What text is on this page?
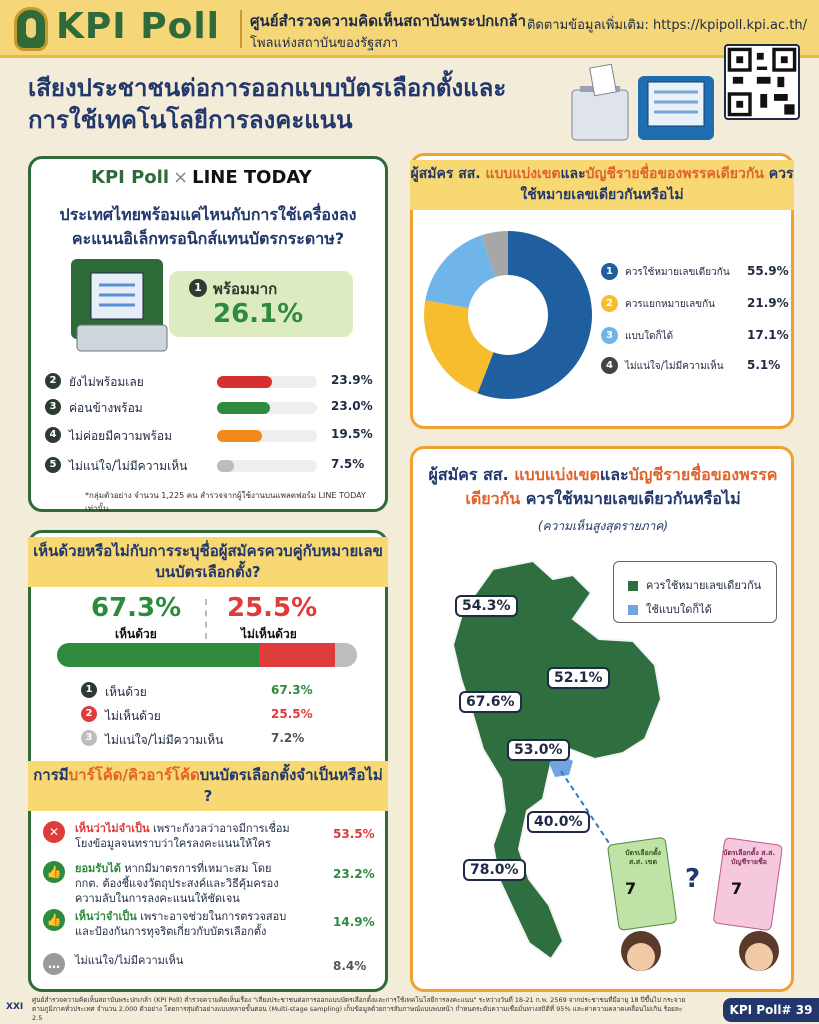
KPI Poll ศูนย์สำรวจความคิดเห็นสถาบันพระปกเกล้า
โพลแห่งสถาบันของรัฐสภา
ติดตามข้อมูลเพิ่มเติม: https://kpipoll.kpi.ac.th/
เสียงประชาชนต่อการออกแบบบัตรเลือกตั้งและ
การใช้เทคโนโลยีการลงคะแนน
KPI Poll × LINE TODAY
ประเทศไทยพร้อมแค่ไหนกับการใช้เครื่องลงคะแนนอิเล็กทรอนิกส์แทนบัตรกระดาษ?
1 พร้อมมาก
26.1%
2	ยังไม่พร้อมเลย	23.9%
3	ค่อนข้างพร้อม	23.0%
4	ไม่ค่อยมีความพร้อม	19.5%
5	ไม่แน่ใจ/ไม่มีความเห็น	7.5%
*กลุ่มตัวอย่าง จำนวน 1,225 คน สำรวจจากผู้ใช้งานบนแพลตฟอร์ม LINE TODAY เท่านั้น
เห็นด้วยหรือไม่กับการระบุชื่อผู้สมัครควบคู่กับหมายเลขบนบัตรเลือกตั้ง?
67.3%
เห็นด้วย
25.5%
ไม่เห็นด้วย
1	เห็นด้วย	67.3%
2	ไม่เห็นด้วย	25.5%
3	ไม่แน่ใจ/ไม่มีความเห็น	7.2%
การมีบาร์โค้ด/คิวอาร์โค้ดบนบัตรเลือกตั้งจำเป็นหรือไม่ ?
✕	เห็นว่าไม่จำเป็น เพราะกังวลว่าอาจมีการเชื่อมโยงข้อมูลจนทราบว่าใครลงคะแนนให้ใคร
53.5%
👍	ยอมรับได้ หากมีมาตรการที่เหมาะสม โดย กกต. ต้องชี้แจงวัตถุประสงค์และวิธีคุ้มครองความลับในการลงคะแนนให้ชัดเจน
23.2%
👍	เห็นว่าจำเป็น เพราะอาจช่วยในการตรวจสอบและป้องกันการทุจริตเกี่ยวกับบัตรเลือกตั้ง
14.9%
…	ไม่แน่ใจ/ไม่มีความเห็น	8.4%
ผู้สมัคร สส. แบบแบ่งเขตและบัญชีรายชื่อของพรรคเดียวกัน ควรใช้หมายเลขเดียวกันหรือไม่
1	ควรใช้หมายเลขเดียวกัน 55.9%
2	ควรแยกหมายเลขกัน	21.9%
3	แบบใดก็ได้	17.1%
4	ไม่แน่ใจ/ไม่มีความเห็น 5.1%
ผู้สมัคร สส. แบบแบ่งเขตและบัญชีรายชื่อของพรรคเดียวกัน ควรใช้หมายเลขเดียวกันหรือไม่
(ความเห็นสูงสุดรายภาค)
ควรใช้หมายเลขเดียวกัน
ใช้แบบใดก็ได้
54.3%
52.1%
67.6%
53.0%
40.0%
78.0%	?
บัตรเลือกตั้ง ส.ส. เขต
บัตรเลือกตั้ง ส.ส. บัญชีรายชื่อ
7	7
XXI
ศูนย์สำรวจความคิดเห็นสถาบันพระปกเกล้า (KPI Poll) สำรวจความคิดเห็นเรื่อง "เสียงประชาชนต่อการออกแบบบัตรเลือกตั้งและการใช้เทคโนโลยีการลงคะแนน" ระหว่างวันที่ 18-21 ก.พ. 2569 จากประชาชนที่มีอายุ 18 ปีขึ้นไป กระจายตามภูมิภาคทั่วประเทศ จำนวน 2,000 ตัวอย่าง โดยการสุ่มตัวอย่างแบบหลายขั้นตอน (Multi-stage sampling) เก็บข้อมูลด้วยการสัมภาษณ์แบบพบหน้า กำหนดระดับความเชื่อมั่นทางสถิติที่ 95% และค่าความคลาดเคลื่อนไม่เกิน ร้อยละ 2.5
KPI Poll# 39
